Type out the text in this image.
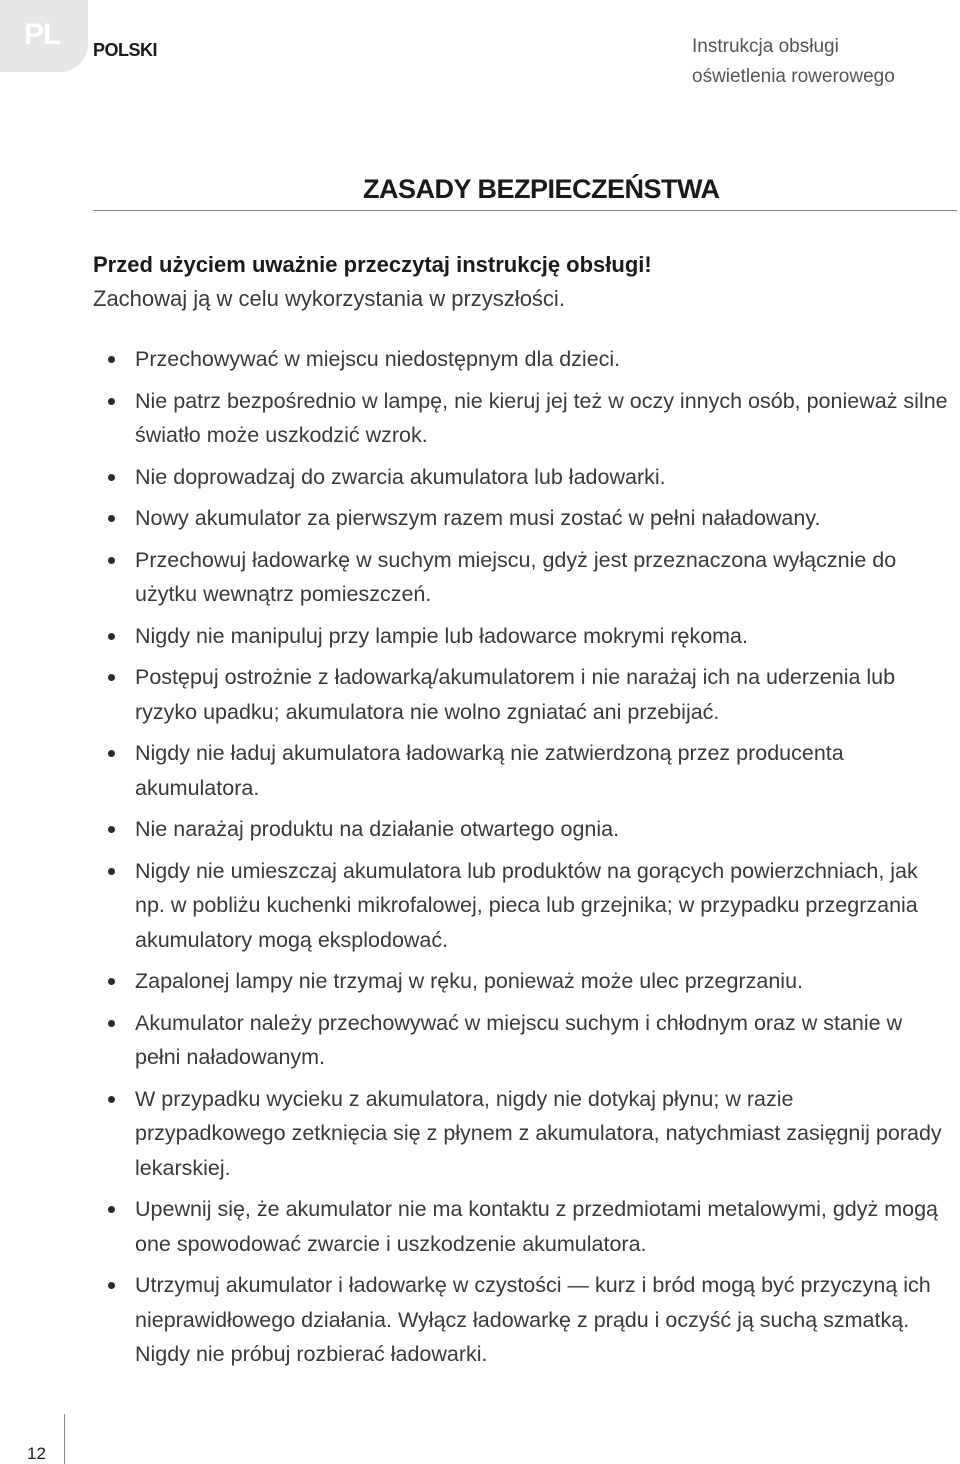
PL POLSKI	Instrukcja obsługi
oświetlenia rowerowego
ZASADY BEZPIECZEŃSTWA
Przed użyciem uważnie przeczytaj instrukcję obsługi!
Zachowaj ją w celu wykorzystania w przyszłości.
Przechowywać w miejscu niedostępnym dla dzieci.
Nie patrz bezpośrednio w lampę, nie kieruj jej też w oczy innych osób, ponieważ silne światło może uszkodzić wzrok.
Nie doprowadzaj do zwarcia akumulatora lub ładowarki.
Nowy akumulator za pierwszym razem musi zostać w pełni naładowany.
Przechowuj ładowarkę w suchym miejscu, gdyż jest przeznaczona wyłącznie do użytku wewnątrz pomieszczeń.
Nigdy nie manipuluj przy lampie lub ładowarce mokrymi rękoma.
Postępuj ostrożnie z ładowarką/akumulatorem i nie narażaj ich na uderzenia lub ryzyko upadku; akumulatora nie wolno zgniatać ani przebijać.
Nigdy nie ładuj akumulatora ładowarką nie zatwierdzoną przez producenta akumulatora.
Nie narażaj produktu na działanie otwartego ognia.
Nigdy nie umieszczaj akumulatora lub produktów na gorących powierzchniach, jak np. w pobliżu kuchenki mikrofalowej, pieca lub grzejnika; w przypadku przegrzania akumulatory mogą eksplodować.
Zapalonej lampy nie trzymaj w ręku, ponieważ może ulec przegrzaniu.
Akumulator należy przechowywać w miejscu suchym i chłodnym oraz w stanie w pełni naładowanym.
W przypadku wycieku z akumulatora, nigdy nie dotykaj płynu; w razie przypadkowego zetknięcia się z płynem z akumulatora, natychmiast zasięgnij porady lekarskiej.
Upewnij się, że akumulator nie ma kontaktu z przedmiotami metalowymi, gdyż mogą one spowodować zwarcie i uszkodzenie akumulatora.
Utrzymuj akumulator i ładowarkę w czystości — kurz i bród mogą być przyczyną ich nieprawidłowego działania. Wyłącz ładowarkę z prądu i oczyść ją suchą szmatką. Nigdy nie próbuj rozbierać ładowarki.
12
